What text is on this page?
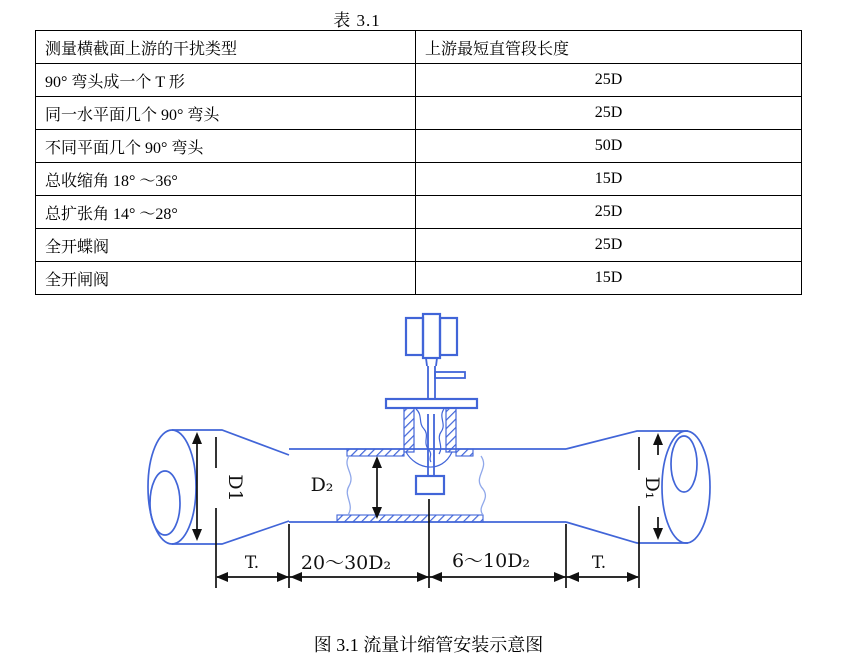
表 3.1
测量横截面上游的干扰类型	上游最短直管段长度
90° 弯头成一个 T 形	25D
同一水平面几个 90° 弯头	25D
不同平面几个 90° 弯头	50D
总收缩角 18° ～36°	15D
总扩张角 14° ～28°	25D
全开蝶阀	25D
全开闸阀	15D
D1	D₂	D₁
20～30D₂	6～10D₂
T.	T.
图 3.1 流量计缩管安装示意图
